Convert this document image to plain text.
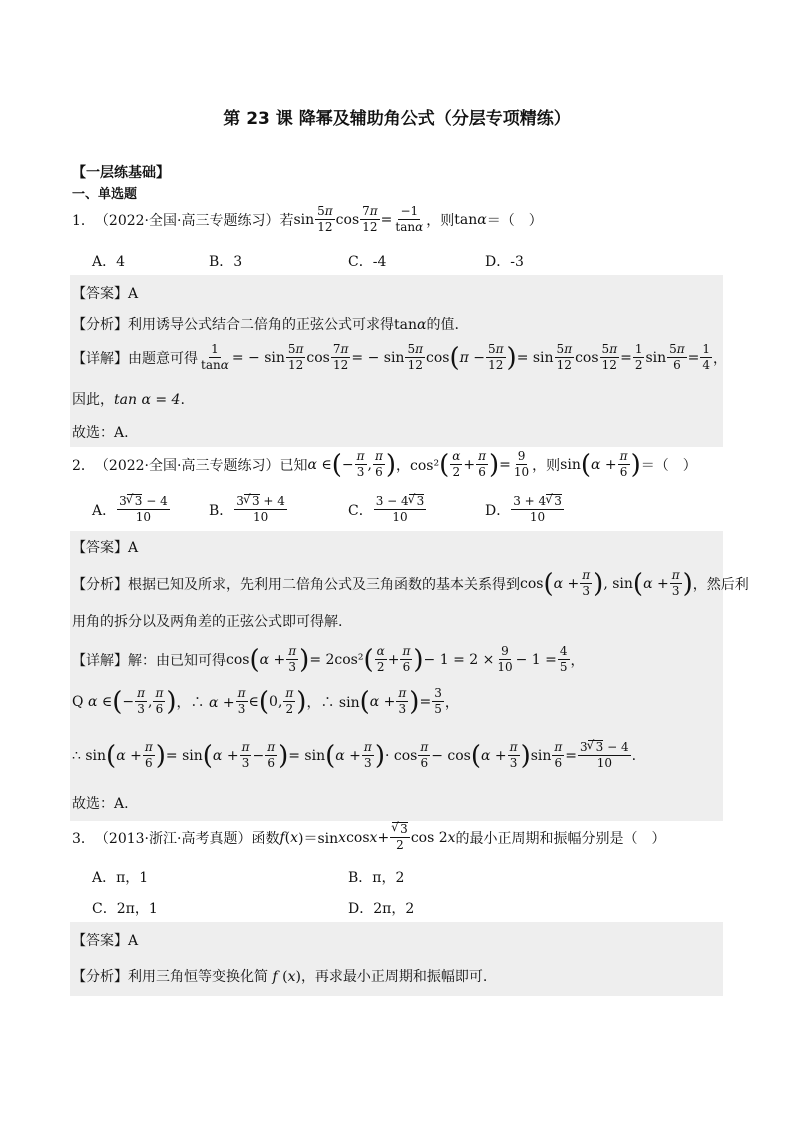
第 23 课 降幂及辅助角公式（分层专项精练）
【一层练基础】
一、单选题
1． （2022·全国·高三专题练习） 若 $\sin \frac{5\pi}{12}$ $\cos \frac{7\pi}{12} = \frac{-1}{\tan\alpha}$ ，则 tanα ＝（　）
A．4	B．3	C．-4	D．-3
【答案】A
【分析】利用诱导公式结合二倍角的正弦公式可求得tanα的值.
【详解】 由题意可得 $\frac{1}{\tan\alpha}$ = − $\sin \frac{5\pi}{12}$ $\cos \frac{7\pi}{12}$ = − $\sin \frac{5\pi}{12}$ cos ( $\pi - \frac{5\pi}{12}$ ) = $\sin \frac{5\pi}{12}$ $\cos \frac{5\pi}{12} = \frac{1}{2}$ $\sin \frac{5\pi}{6} = \frac{1}{4}$ ，
因此，tan α = 4.
故选：A.
2． （2022·全国·高三专题练习） 已知 α ∈ ( − $\frac{\pi}{3}$ , $\frac{\pi}{6}$ ) ，cos² ( $\frac{\alpha}{2} + \frac{\pi}{6}$ ) = $\frac{9}{10}$ ，则 sin ( $\alpha + \frac{\pi}{6}$ ) ＝（　）
A． $\frac{3 √ 3 - 4}{10}$	B． $\frac{3 √ 3 + 4}{10}$	C． $\frac{3 - 4 √ 3}{10}$	D． $\frac{3 + 4 √ 3}{10}$
【答案】A
【分析】 根据已知及所求，先利用二倍角公式及三角函数的基本关系得到 cos ( $\alpha + \frac{\pi}{3}$ ) , sin ( $\alpha + \frac{\pi}{3}$ ) ，然后利
用角的拆分以及两角差的正弦公式即可得解.
【详解】 解：由已知可得 cos ( $\alpha + \frac{\pi}{3}$ ) = 2cos² ( $\frac{\alpha}{2} + \frac{\pi}{6}$ ) − $1 = 2 \times \frac{9}{10} - 1 = \frac{4}{5}$ ，
Q α ∈ ( − $\frac{\pi}{3}$ , $\frac{\pi}{6}$ ) ，∴ $\alpha + \frac{\pi}{3}$ ∈ ( 0, $\frac{\pi}{2}$ ) ，∴ sin ( $\alpha + \frac{\pi}{3}$ ) = $\frac{3}{5}$ ，
∴ sin ( $\alpha + \frac{\pi}{6}$ ) = sin ( $\alpha + \frac{\pi}{3} - \frac{\pi}{6}$ ) = sin ( $\alpha + \frac{\pi}{3}$ ) · $\cos \frac{\pi}{6} - \cos$ ( $\alpha + \frac{\pi}{3}$ ) $\sin \frac{\pi}{6} = \frac{3 √ 3 - 4}{10}$ .
故选：A.
3． （2013·浙江·高考真题） 函数 f ( x )＝sin x cos x + √ $\frac{3}{2}$ cos 2 x 的最小正周期和振幅分别是（　）
A．π，1	B．π，2
C．2π，1	D．2π，2
【答案】A
【分析】利用三角恒等变换化简 f (x)，再求最小正周期和振幅即可.
